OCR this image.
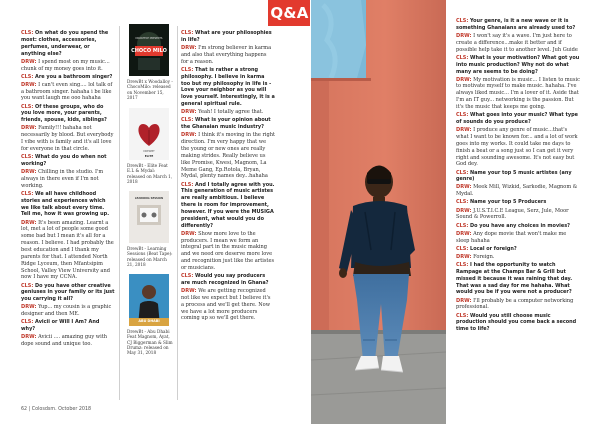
Q&A

CLS: On what do you spend the most: clothes, accessories, perfumes, underwear, or anything else?

DRW: I spend most on my music... chunk of my money goes into it.

CLS: Are you a bathroom singer?

DRW: I can't even sing.... lol talk of a bathroom singer. hahaha i be like you want laugh me ooo hahaha

CLS: Of these groups, who do you love more, your parents, friends, spouse, kids, siblings?

DRW: Family!!! hahaha not necessarily by blood. But everybody I vibe with is family and it's all love for everyone in that circle.

CLS: What do you do when not working?

DRW: Chilling in the studio. I'm always in there even if I'm not working.

CLS: We all have childhood stories and experiences which we like talk about every time. Tell me, how it was growing up.

DRW: It's been amazing. Learnt a lot, met a lot of people some good some bad but I mean it's all for a reason. I believe. I had probably the best education and I thank my parents for that. I attended North Ridge Lyceum, then Mfantsipim School, Valley View University and now I have my CCNA.

CLS: Do you have other creative geniuses in your family or its just you carrying it all?

DRW: Yup... my cousin is a graphic designer and then ME.

CLS: Avicii or Will I Am? And why?

DRW: Avicii .... amazing guy with dope sound and unique too.

DRAWTECH PRESENTS
CHOCO MILO
DrewBt x Woodalloy - ChocoMilo: released on November 15, 2017
DREWBT
ELITE
DrewBt - Elite Feat E.L & Mydal: released on March 1, 2018
LEARNING SESSION
DrewBt - Learning Sessions (Beat Tape): released on March 21, 2018
ABU DHABI
DrewBt - Abu Dhabi Feat Magnom, Ayat, CJ Biggerman & Slim Drumz: released on May 31, 2018

CLS: What are your philosophies in life?

DRW: I'm strong believer in karma and also that everything happens for a reason.

CLS: That is rather a strong philosophy. I believe in karma too but my philosophy in life is - Love your neighbor as you will love yourself. Interestingly, it is a general spiritual rule.

DRW: Yeah! I totally agree that.

CLS: What is your opinion about the Ghanaian music industry?

DRW: I think it's moving in the right direction. I'm very happy that we the young or new ones are really making strides. Really believe us like Promise, Kwesi, Magnom, La Meme Gang, Ep.Rotola, Bryan, Mydal, plenty names dey...hahaha

CLS: And I totally agree with you. This generation of music artistes are really ambitious. I believe there is room for improvement, however. If you were the MUSIGA president, what would you do differently?

DRW: Show more love to the producers. I mean we form an integral part in the music making and we need ore deserve more love and recognition just like the artistes or musicians.

CLS: Would you say producers are much recognized in Ghana?

DRW: We are getting recognized not like we expect but I believe it's a process and we'll get there. Now we have a lot more producers coming up so we'll get there.

CLS: Your genre, is it a new wave or it is something Ghanaians are already used to?

DRW: I won't say it's a wave. I'm just here to create a difference...make it better and if possible help take it to another level. Juh Guide

CLS: What is your motivation? What got you into music production? Why not do what many are seems to be doing?

DRW: My motivation is music... I listen to music to motivate myself to make music. hahaha. I've always liked music... I'm a lover of it. Aside that I'm an IT guy... networking is the passion. But it's the music that keeps me going.

CLS: What goes into your music? What type of sounds do you produce?

DRW: I produce any genre of music...that's what I want to be known for... and a lot of work goes into my works. It could take me days to finish a beat or a song just so I can get it very right and sounding awesome. It's not easy but God dey.

CLS: Name your top 5 music artistes (any genre)

DRW: Meek Mill, Wizkid, Sarkodie, Magnom & Mydal.

CLS: Name your top 5 Producers

DRW: J.U.S.T.I.C.E League, Serz, Jule, Moor Sound & Powerroll.

CLS: Do you have any choices in movies?

DRW: Any dope movie that won't make me sleep hahaha

CLS: Local or foreign?

DRW: Foreign.

CLS: I had the opportunity to watch Rampage at the Champs Bar & Grill but missed it because it was raining that day. That was a sad day for me hahaha. What would you be if you were not a producer?

DRW: I'll probably be a computer networking professional.

CLS: Would you still choose music production should you come back a second time to life?

62 | Colosdsm. October 2018
